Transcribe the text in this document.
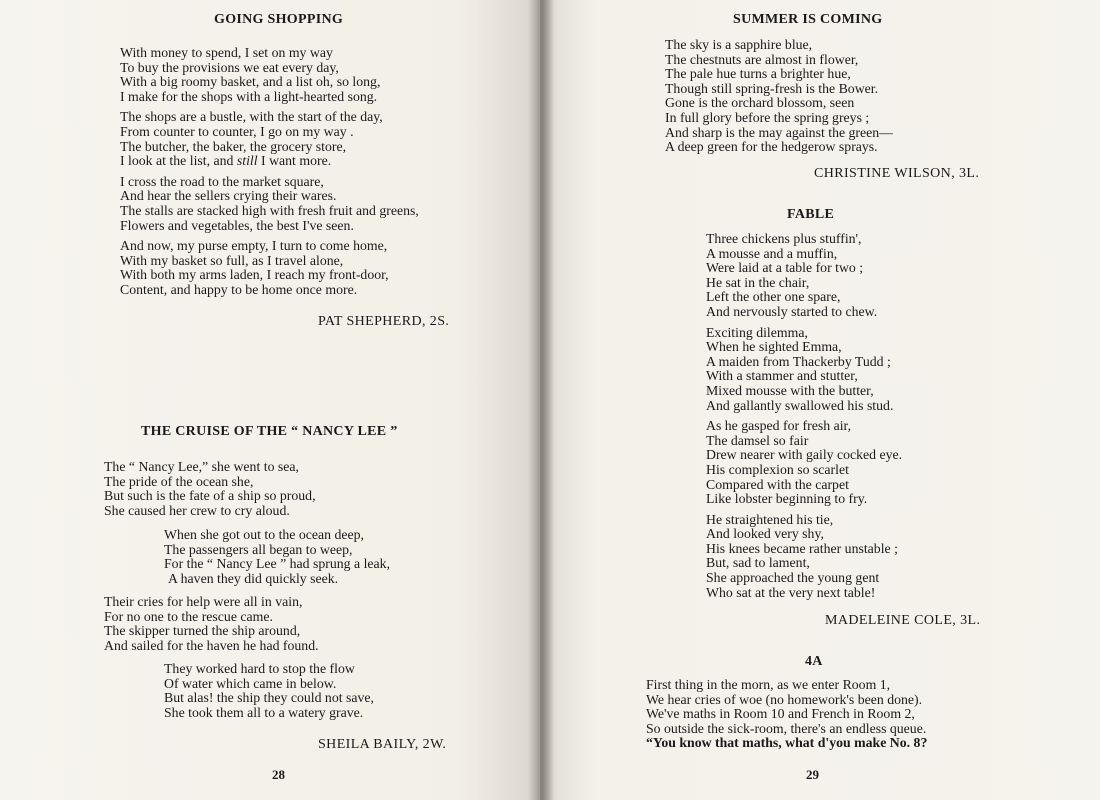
GOING SHOPPING
With money to spend, I set on my way
To buy the provisions we eat every day,
With a big roomy basket, and a list oh, so long,
I make for the shops with a light-hearted song.
The shops are a bustle, with the start of the day,
From counter to counter, I go on my way .
The butcher, the baker, the grocery store,
I look at the list, and still I want more.
I cross the road to the market square,
And hear the sellers crying their wares.
The stalls are stacked high with fresh fruit and greens,
Flowers and vegetables, the best I've seen.
And now, my purse empty, I turn to come home,
With my basket so full, as I travel alone,
With both my arms laden, I reach my front-door,
Content, and happy to be home once more.
PAT SHEPHERD, 2S.
THE CRUISE OF THE “ NANCY LEE ”
The “ Nancy Lee,” she went to sea,
The pride of the ocean she,
But such is the fate of a ship so proud,
She caused her crew to cry aloud.
When she got out to the ocean deep,
The passengers all began to weep,
For the “ Nancy Lee ” had sprung a leak,
A haven they did quickly seek.
Their cries for help were all in vain,
For no one to the rescue came.
The skipper turned the ship around,
And sailed for the haven he had found.
They worked hard to stop the flow
Of water which came in below.
But alas! the ship they could not save,
She took them all to a watery grave.
SHEILA BAILY, 2W.
28
SUMMER IS COMING
The sky is a sapphire blue,
The chestnuts are almost in flower,
The pale hue turns a brighter hue,
Though still spring-fresh is the Bower.
Gone is the orchard blossom, seen
In full glory before the spring greys ;
And sharp is the may against the green—
A deep green for the hedgerow sprays.
CHRISTINE WILSON, 3L.
FABLE
Three chickens plus stuffin',
A mousse and a muffin,
Were laid at a table for two ;
He sat in the chair,
Left the other one spare,
And nervously started to chew.
Exciting dilemma,
When he sighted Emma,
A maiden from Thackerby Tudd ;
With a stammer and stutter,
Mixed mousse with the butter,
And gallantly swallowed his stud.
As he gasped for fresh air,
The damsel so fair
Drew nearer with gaily cocked eye.
His complexion so scarlet
Compared with the carpet
Like lobster beginning to fry.
He straightened his tie,
And looked very shy,
His knees became rather unstable ;
But, sad to lament,
She approached the young gent
Who sat at the very next table!
MADELEINE COLE, 3L.
4A
First thing in the morn, as we enter Room 1,
We hear cries of woe (no homework's been done).
We've maths in Room 10 and French in Room 2,
So outside the sick-room, there's an endless queue.
“You know that maths, what d'you make No. 8?
29
